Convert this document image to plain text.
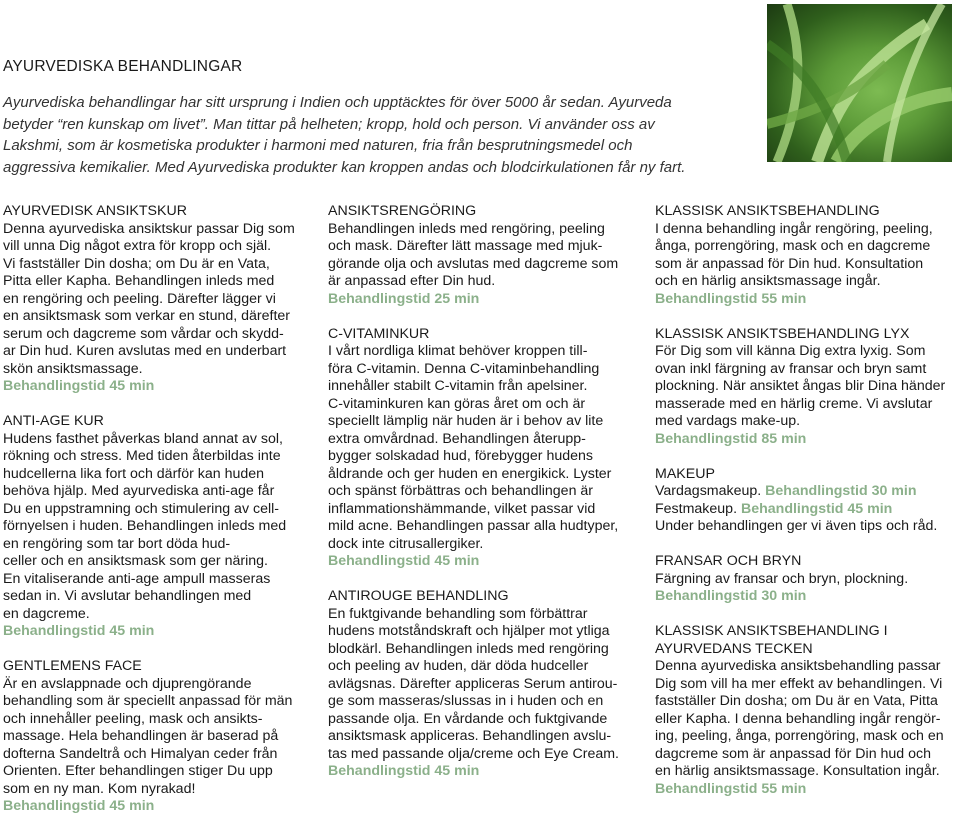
AYURVEDISKA BEHANDLINGAR
Ayurvediska behandlingar har sitt ursprung i Indien och upptäcktes för över 5000 år sedan. Ayurveda
betyder “ren kunskap om livet”. Man tittar på helheten; kropp, hold och person. Vi använder oss av
Lakshmi, som är kosmetiska produkter i harmoni med naturen, fria från besprutningsmedel och
aggressiva kemikalier. Med Ayurvediska produkter kan kroppen andas och blodcirkulationen får ny fart.
AYURVEDISK ANSIKTSKUR
Denna ayurvediska ansiktskur passar Dig som
vill unna Dig något extra för kropp och själ.
Vi fastställer Din dosha; om Du är en Vata,
Pitta eller Kapha. Behandlingen inleds med
en rengöring och peeling. Därefter lägger vi
en ansiktsmask som verkar en stund, därefter
serum och dagcreme som vårdar och skydd-
ar Din hud. Kuren avslutas med en underbart
skön ansiktsmassage.
Behandlingstid 45 min
ANTI-AGE KUR
Hudens fasthet påverkas bland annat av sol,
rökning och stress. Med tiden återbildas inte
hudcellerna lika fort och därför kan huden
behöva hjälp. Med ayurvediska anti-age får
Du en uppstramning och stimulering av cell-
förnyelsen i huden. Behandlingen inleds med
en rengöring som tar bort döda hud-
celler och en ansiktsmask som ger näring.
En vitaliserande anti-age ampull masseras
sedan in. Vi avslutar behandlingen med
en dagcreme.
Behandlingstid 45 min
GENTLEMENS FACE
Är en avslappnade och djuprengörande
behandling som är speciellt anpassad för män
och innehåller peeling, mask och ansikts-
massage. Hela behandlingen är baserad på
dofterna Sandeltrå och Himalyan ceder från
Orienten. Efter behandlingen stiger Du upp
som en ny man. Kom nyrakad!
Behandlingstid 45 min
ANSIKTSRENGÖRING
Behandlingen inleds med rengöring, peeling
och mask. Därefter lätt massage med mjuk-
görande olja och avslutas med dagcreme som
är anpassad efter Din hud.
Behandlingstid 25 min
C-VITAMINKUR
I vårt nordliga klimat behöver kroppen till-
föra C-vitamin. Denna C-vitaminbehandling
innehåller stabilt C-vitamin från apelsiner.
C-vitaminkuren kan göras året om och är
speciellt lämplig när huden är i behov av lite
extra omvårdnad. Behandlingen återupp-
bygger solskadad hud, förebygger hudens
åldrande och ger huden en energikick. Lyster
och spänst förbättras och behandlingen är
inflammationshämmande, vilket passar vid
mild acne. Behandlingen passar alla hudtyper,
dock inte citrusallergiker.
Behandlingstid 45 min
ANTIROUGE BEHANDLING
En fuktgivande behandling som förbättrar
hudens motståndskraft och hjälper mot ytliga
blodkärl. Behandlingen inleds med rengöring
och peeling av huden, där döda hudceller
avlägsnas. Därefter appliceras Serum antirou-
ge som masseras/slussas in i huden och en
passande olja. En vårdande och fuktgivande
ansiktsmask appliceras. Behandlingen avslu-
tas med passande olja/creme och Eye Cream.
Behandlingstid 45 min
KLASSISK ANSIKTSBEHANDLING
I denna behandling ingår rengöring, peeling,
ånga, porrengöring, mask och en dagcreme
som är anpassad för Din hud. Konsultation
och en härlig ansiktsmassage ingår.
Behandlingstid 55 min
KLASSISK ANSIKTSBEHANDLING LYX
För Dig som vill känna Dig extra lyxig. Som
ovan inkl färgning av fransar och bryn samt
plockning. När ansiktet ångas blir Dina händer
masserade med en härlig creme. Vi avslutar
med vardags make-up.
Behandlingstid 85 min
MAKEUP
Vardagsmakeup. Behandlingstid 30 min
Festmakeup. Behandlingstid 45 min
Under behandlingen ger vi även tips och råd.
FRANSAR OCH BRYN
Färgning av fransar och bryn, plockning.
Behandlingstid 30 min
KLASSISK ANSIKTSBEHANDLING I
AYURVEDANS TECKEN
Denna ayurvediska ansiktsbehandling passar
Dig som vill ha mer effekt av behandlingen. Vi
fastställer Din dosha; om Du är en Vata, Pitta
eller Kapha. I denna behandling ingår rengör-
ing, peeling, ånga, porrengöring, mask och en
dagcreme som är anpassad för Din hud och
en härlig ansiktsmassage. Konsultation ingår.
Behandlingstid 55 min
